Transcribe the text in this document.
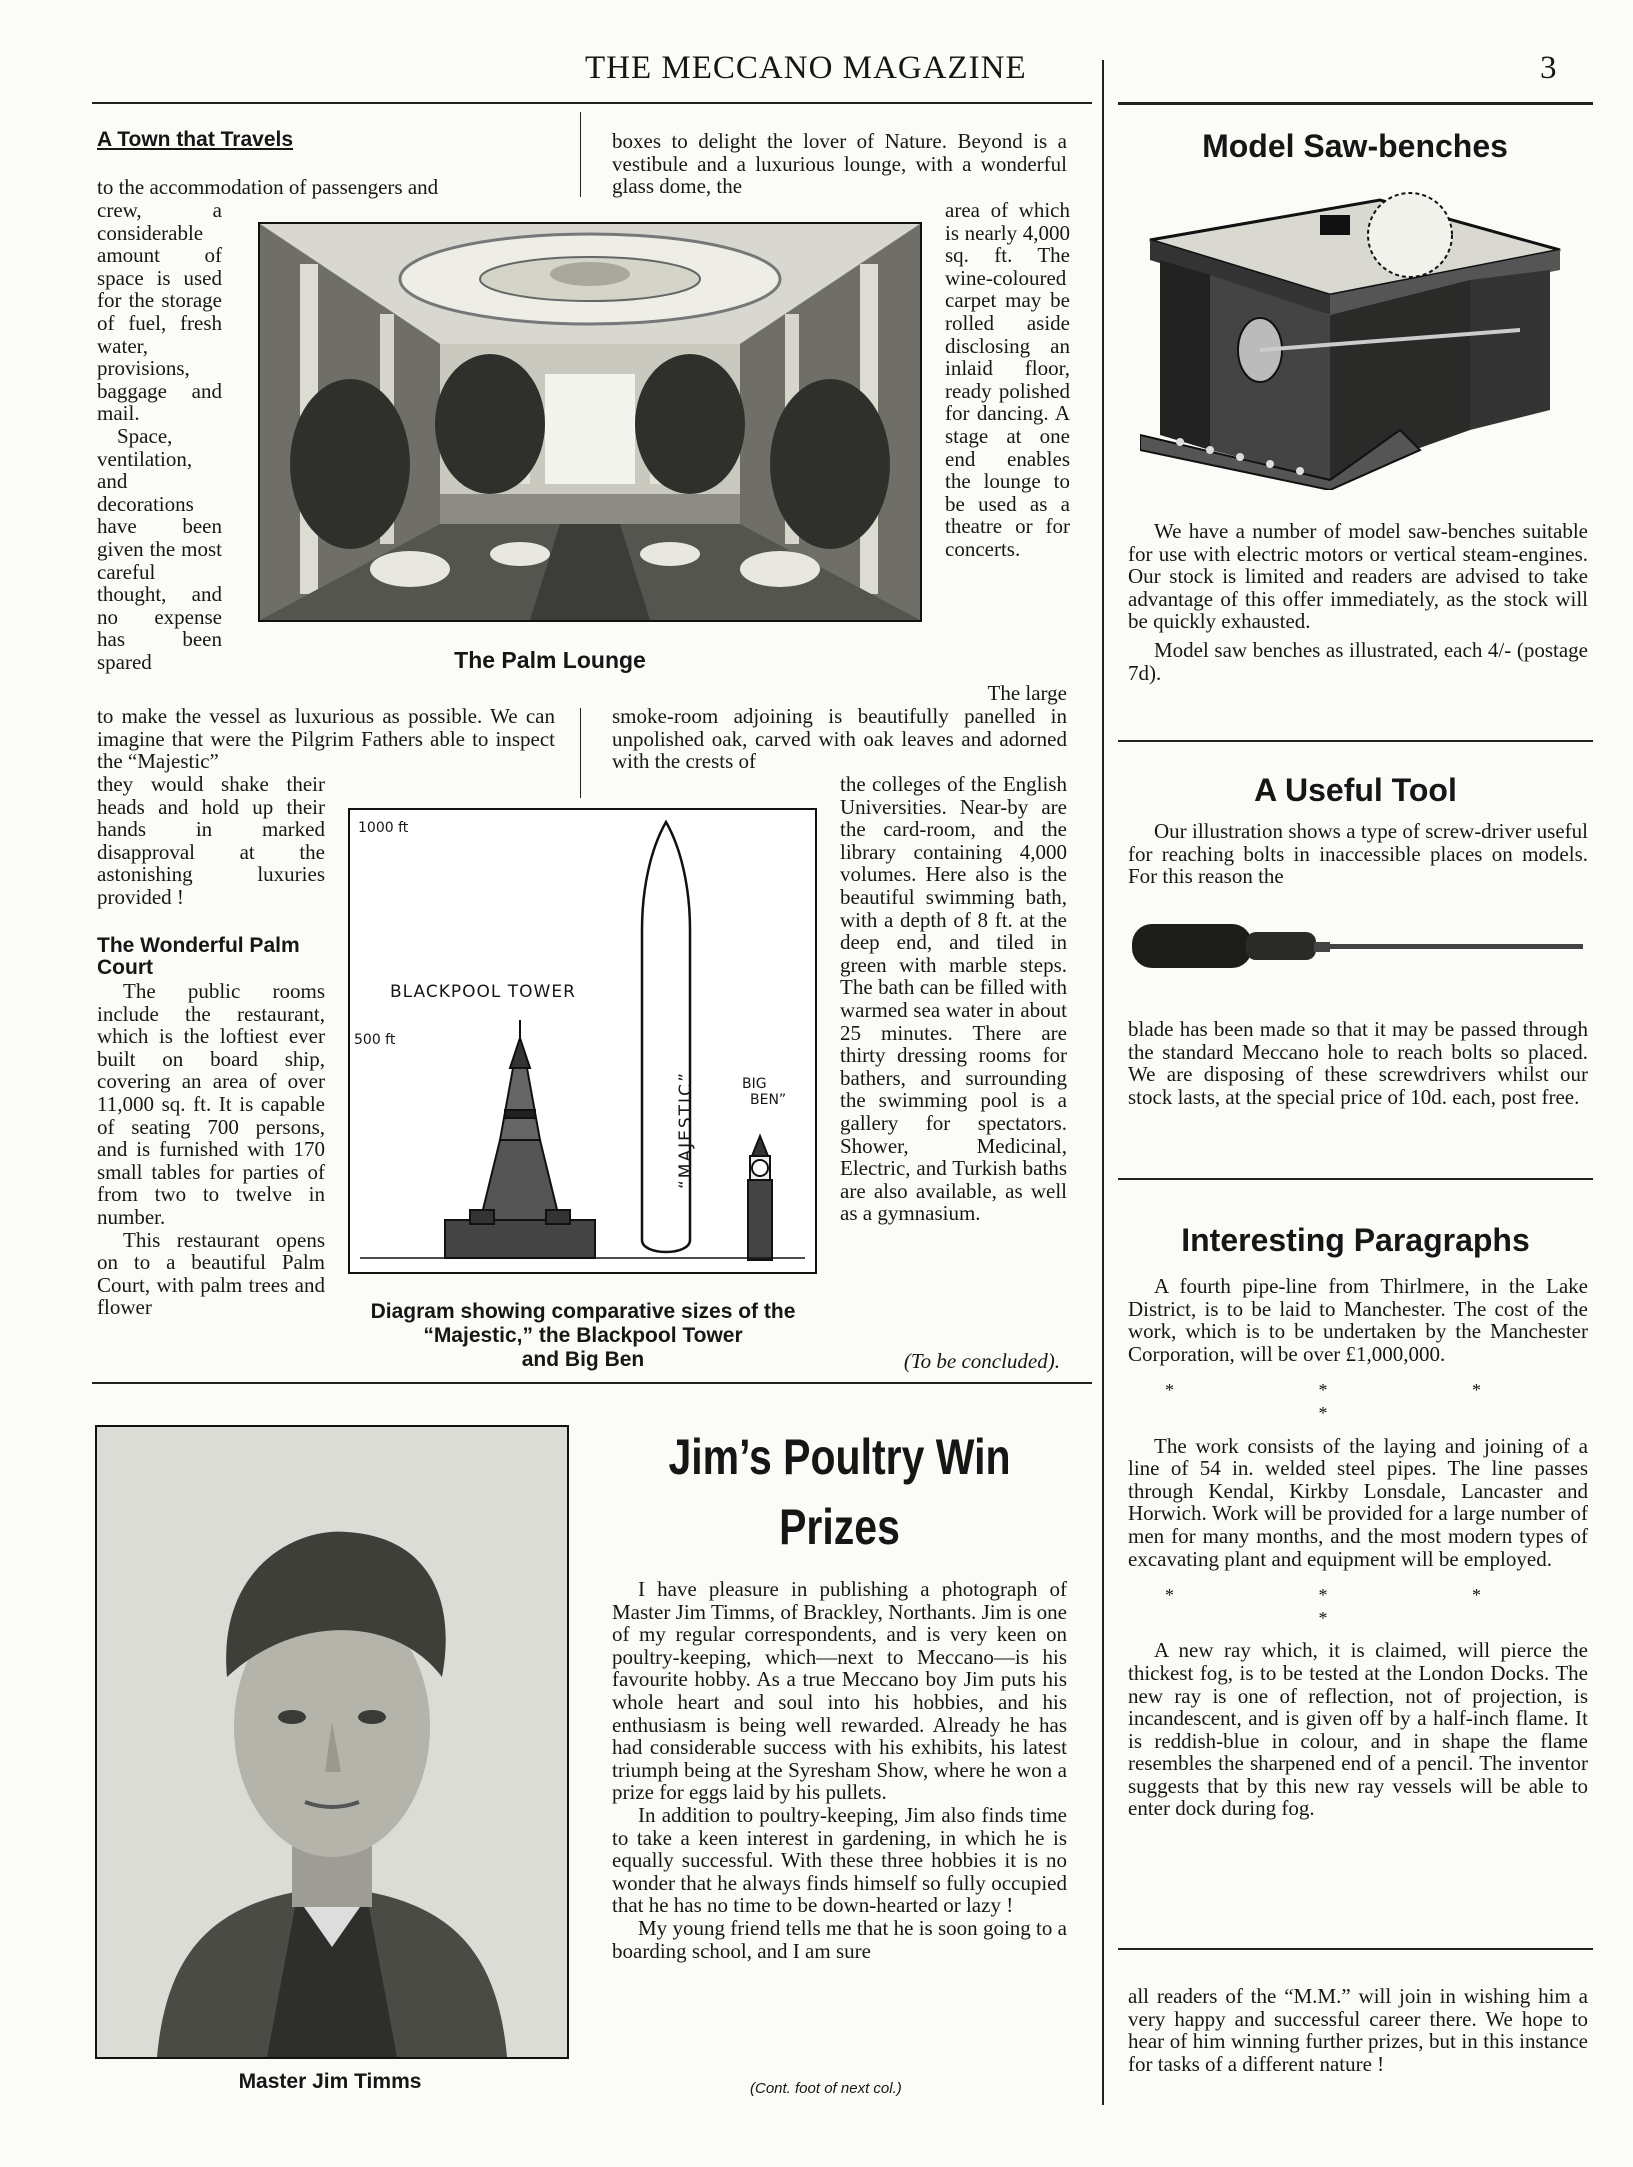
THE MECCANO MAGAZINE	3
A Town that Travels
to the accommodation of passengers and

crew, a considerable amount of space is used for the storage of fuel, fresh water, provisions, baggage and mail.

Space, ventilation, and decorations have been given the most careful thought, and no expense has been spared

to make the vessel as luxurious as possible. We can imagine that were the Pilgrim Fathers able to inspect the “Majestic”
they would shake their heads and hold up their hands in marked disapproval at the astonishing luxuries provided !
The Wonderful Palm Court

The public rooms include the restaurant, which is the loftiest ever built on board ship, covering an area of over 11,000 sq. ft. It is capable of seating 700 persons, and is furnished with 170 small tables for parties of from two to twelve in number.

This restaurant opens on to a beautiful Palm Court, with palm trees and flower

boxes to delight the lover of Nature. Beyond is a vestibule and a luxurious lounge, with a wonderful glass dome, the
area of which is nearly 4,000 sq. ft. The wine-coloured carpet may be rolled aside disclosing an inlaid floor, ready polished for dancing. A stage at one end enables the lounge to be used as a theatre or for concerts.
The large
smoke-room adjoining is beautifully panelled in unpolished oak, carved with oak leaves and adorned with the crests of
the colleges of the English Universities. Near-by are the card-room, and the library containing 4,000 volumes. Here also is the beautiful swimming bath, with a depth of 8 ft. at the deep end, and tiled in green with marble steps. The bath can be filled with warmed sea water in about 25 minutes. There are thirty dressing rooms for bathers, and surrounding the swimming pool is a gallery for spectators. Shower, Medicinal, Electric, and Turkish baths are also available, as well as a gymnasium.
(To be concluded).
The Palm Lounge
1000 ft
500 ft
BLACKPOOL TOWER
“MAJESTIC”	BIG
BEN”
Diagram showing comparative sizes of the
“Majestic,” the Blackpool Tower
and Big Ben
Master Jim Timms
Jim’s Poultry Win
Prizes

I have pleasure in publishing a photograph of Master Jim Timms, of Brackley, Northants. Jim is one of my regular correspondents, and is very keen on poultry-keeping, which—next to Meccano—is his favourite hobby. As a true Meccano boy Jim puts his whole heart and soul into his hobbies, and his enthusiasm is being well rewarded. Already he has had considerable success with his exhibits, his latest triumph being at the Syresham Show, where he won a prize for eggs laid by his pullets.

In addition to poultry-keeping, Jim also finds time to take a keen interest in gardening, in which he is equally successful. With these three hobbies it is no wonder that he always finds himself so fully occupied that he has no time to be down-hearted or lazy !

My young friend tells me that he is soon going to a boarding school, and I am sure

(Cont. foot of next col.)
Model Saw-benches

We have a number of model saw-benches suitable for use with electric motors or vertical steam-engines. Our stock is limited and readers are advised to take advantage of this offer immediately, as the stock will be quickly exhausted.

Model saw benches as illustrated, each 4/- (postage 7d).

A Useful Tool

Our illustration shows a type of screw-driver useful for reaching bolts in inaccessible places on models. For this reason the

blade has been made so that it may be passed through the standard Meccano hole to reach bolts so placed. We are disposing of these screwdrivers whilst our stock lasts, at the special price of 10d. each, post free.

Interesting Paragraphs

A fourth pipe-line from Thirlmere, in the Lake District, is to be laid to Manchester. The cost of the work, which is to be undertaken by the Manchester Corporation, will be over £1,000,000.

* * * *

The work consists of the laying and joining of a line of 54 in. welded steel pipes. The line passes through Kendal, Kirkby Lonsdale, Lancaster and Horwich. Work will be provided for a large number of men for many months, and the most modern types of excavating plant and equipment will be employed.

* * * *

A new ray which, it is claimed, will pierce the thickest fog, is to be tested at the London Docks. The new ray is one of reflection, not of projection, is incandescent, and is given off by a half-inch flame. It is reddish-blue in colour, and in shape the flame resembles the sharpened end of a pencil. The inventor suggests that by this new ray vessels will be able to enter dock during fog.

all readers of the “M.M.” will join in wishing him a very happy and successful career there. We hope to hear of him winning further prizes, but in this instance for tasks of a different nature !
